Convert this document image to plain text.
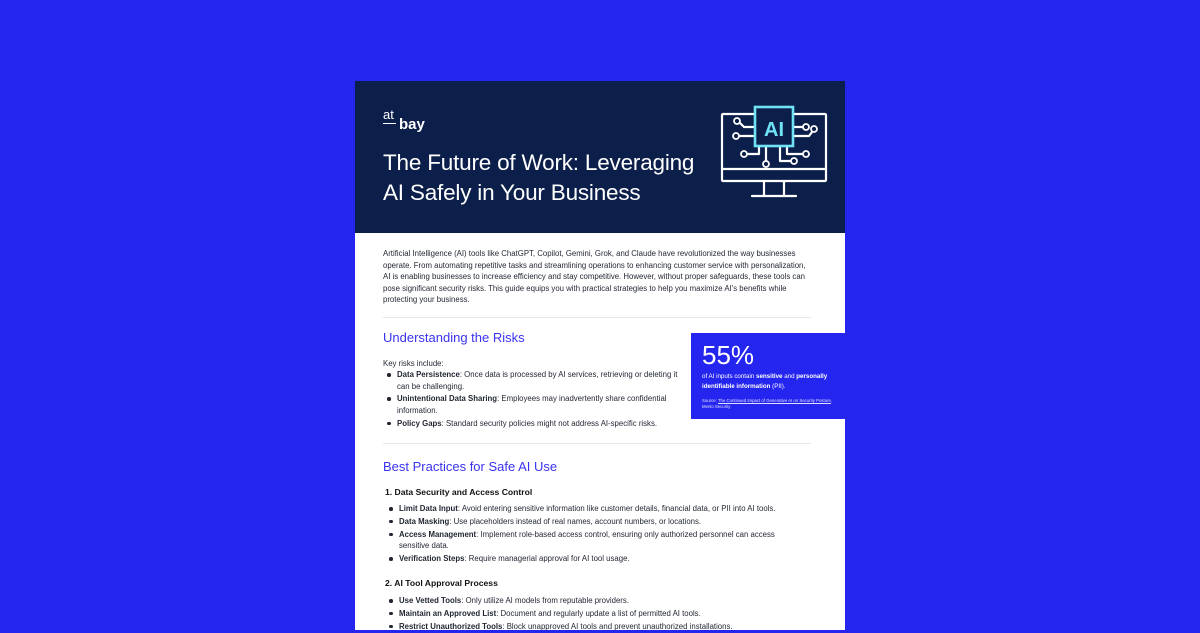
at
bay
The Future of Work: Leveraging AI Safely in Your Business
AI
Artificial Intelligence (AI) tools like ChatGPT, Copilot, Gemini, Grok, and Claude have revolutionized the way businesses operate. From automating repetitive tasks and streamlining operations to enhancing customer service with personalization, AI is enabling businesses to increase efficiency and stay competitive. However, without proper safeguards, these tools can pose significant security risks. This guide equips you with practical strategies to help you maximize AI's benefits while protecting your business.
Understanding the Risks
Key risks include:
Data Persistence: Once data is processed by AI services, retrieving or deleting it can be challenging.
Unintentional Data Sharing: Employees may inadvertently share confidential information.
Policy Gaps: Standard security policies might not address AI-specific risks.
55%
of AI inputs contain sensitive and personally identifiable information (PII).
Source: The Continued Impact of Generative AI on Security Posture, Menlo Security
Best Practices for Safe AI Use
1. Data Security and Access Control
Limit Data Input: Avoid entering sensitive information like customer details, financial data, or PII into AI tools.
Data Masking: Use placeholders instead of real names, account numbers, or locations.
Access Management: Implement role-based access control, ensuring only authorized personnel can access sensitive data.
Verification Steps: Require managerial approval for AI tool usage.
2. AI Tool Approval Process
Use Vetted Tools: Only utilize AI models from reputable providers.
Maintain an Approved List: Document and regularly update a list of permitted AI tools.
Restrict Unauthorized Tools: Block unapproved AI tools and prevent unauthorized installations.
